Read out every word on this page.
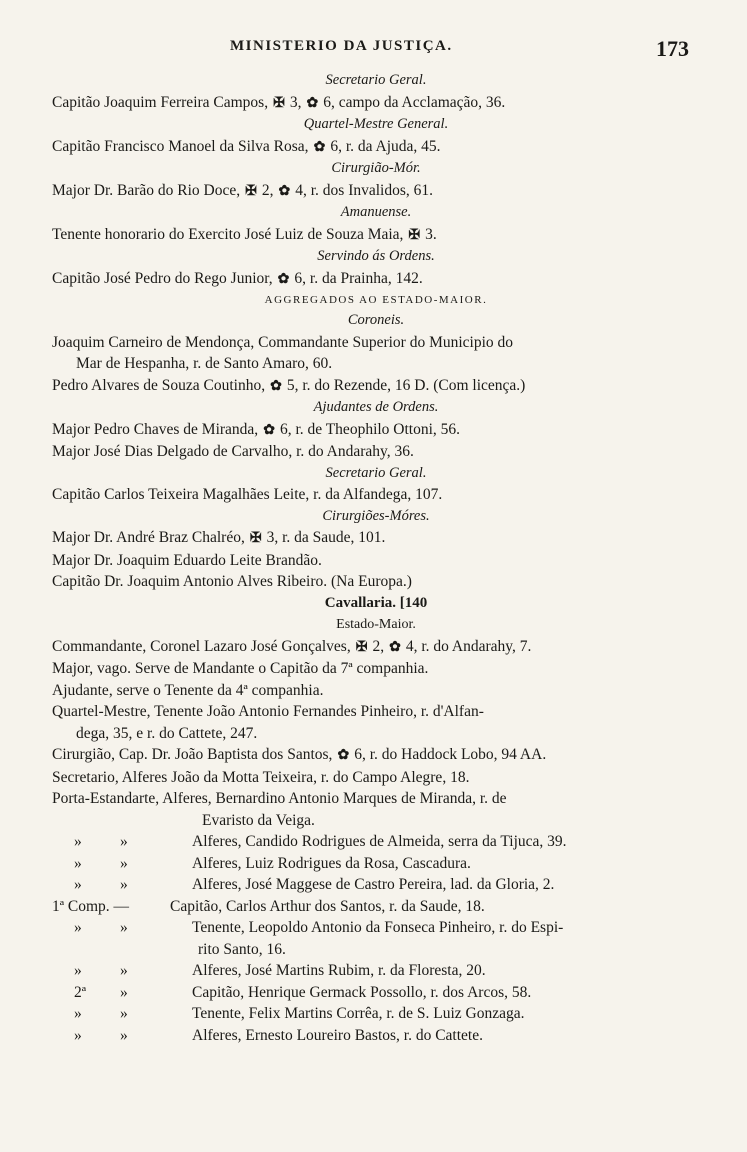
MINISTERIO DA JUSTIÇA.	173
Secretario Geral.
Capitão Joaquim Ferreira Campos, ✠ 3, ✿ 6, campo da Acclamação, 36.
Quartel-Mestre General.
Capitão Francisco Manoel da Silva Rosa, ✿ 6, r. da Ajuda, 45.
Cirurgião-Mór.
Major Dr. Barão do Rio Doce, ✠ 2, ✿ 4, r. dos Invalidos, 61.
Amanuense.
Tenente honorario do Exercito José Luiz de Souza Maia, ✠ 3.
Servindo ás Ordens.
Capitão José Pedro do Rego Junior, ✿ 6, r. da Prainha, 142.
AGGREGADOS AO ESTADO-MAIOR.
Coroneis.
Joaquim Carneiro de Mendonça, Commandante Superior do Municipio do
Mar de Hespanha, r. de Santo Amaro, 60.
Pedro Alvares de Souza Coutinho, ✿ 5, r. do Rezende, 16 D. (Com licença.)
Ajudantes de Ordens.
Major Pedro Chaves de Miranda, ✿ 6, r. de Theophilo Ottoni, 56.
Major José Dias Delgado de Carvalho, r. do Andarahy, 36.
Secretario Geral.
Capitão Carlos Teixeira Magalhães Leite, r. da Alfandega, 107.
Cirurgiões-Móres.
Major Dr. André Braz Chalréo, ✠ 3, r. da Saude, 101.
Major Dr. Joaquim Eduardo Leite Brandão.
Capitão Dr. Joaquim Antonio Alves Ribeiro. (Na Europa.)
Cavallaria. [140
Estado-Maior.
Commandante, Coronel Lazaro José Gonçalves, ✠ 2, ✿ 4, r. do Andarahy, 7.
Major, vago. Serve de Mandante o Capitão da 7ª companhia.
Ajudante, serve o Tenente da 4ª companhia.
Quartel-Mestre, Tenente João Antonio Fernandes Pinheiro, r. d'Alfan-
dega, 35, e r. do Cattete, 247.
Cirurgião, Cap. Dr. João Baptista dos Santos, ✿ 6, r. do Haddock Lobo, 94 AA.
Secretario, Alferes João da Motta Teixeira, r. do Campo Alegre, 18.
Porta-Estandarte, Alferes, Bernardino Antonio Marques de Miranda, r. de
Evaristo da Veiga.
»	»	Alferes, Candido Rodrigues de Almeida, serra da Tijuca, 39.
»	»	Alferes, Luiz Rodrigues da Rosa, Cascadura.
»	»	Alferes, José Maggese de Castro Pereira, lad. da Gloria, 2.
1ª Comp. —	Capitão, Carlos Arthur dos Santos, r. da Saude, 18.
»	»	Tenente, Leopoldo Antonio da Fonseca Pinheiro, r. do Espi-
rito Santo, 16.
»	»	Alferes, José Martins Rubim, r. da Floresta, 20.
2ª	»	Capitão, Henrique Germack Possollo, r. dos Arcos, 58.
»	»	Tenente, Felix Martins Corrêa, r. de S. Luiz Gonzaga.
»	»	Alferes, Ernesto Loureiro Bastos, r. do Cattete.
